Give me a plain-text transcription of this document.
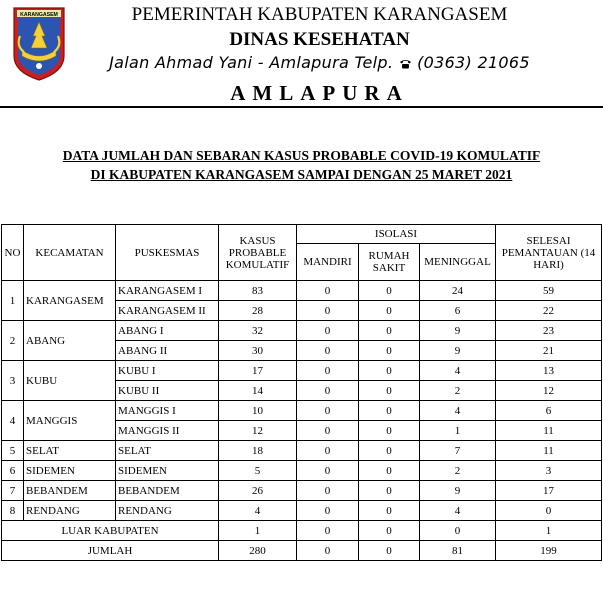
KARANGASEM	PEMERINTAH KABUPATEN KARANGASEM
DINAS KESEHATAN
Jalan Ahmad Yani - Amlapura Telp. (0363) 21065
AMLAPURA
DATA JUMLAH DAN SEBARAN KASUS PROBABLE COVID-19 KOMULATIF
DI KABUPATEN KARANGASEM SAMPAI DENGAN 25 MARET 2021
NO	KECAMATAN	PUSKESMAS	KASUS PROBABLE KOMULATIF	ISOLASI			SELESAI PEMANTAUAN (14 HARI)
				MANDIRI	RUMAH SAKIT	MENINGGAL	
1	KARANGASEM	KARANGASEM I	83	0	0	24	59
		KARANGASEM II	28	0	0	6	22
2	ABANG	ABANG I	32	0	0	9	23
		ABANG II	30	0	0	9	21
3	KUBU	KUBU I	17	0	0	4	13
		KUBU II	14	0	0	2	12
4	MANGGIS	MANGGIS I	10	0	0	4	6
		MANGGIS II	12	0	0	1	11
5	SELAT	SELAT	18	0	0	7	11
6	SIDEMEN	SIDEMEN	5	0	0	2	3
7	BEBANDEM	BEBANDEM	26	0	0	9	17
8	RENDANG	RENDANG	4	0	0	4	0
LUAR KABUPATEN			1	0	0	0	1
JUMLAH			280	0	0	81	199
